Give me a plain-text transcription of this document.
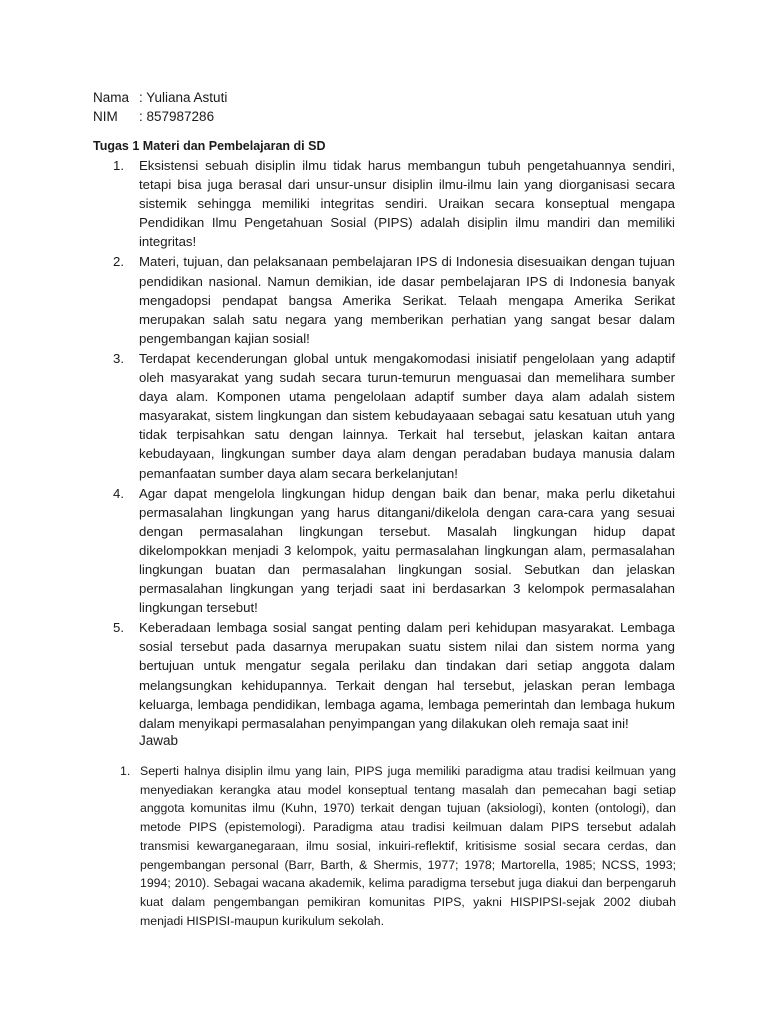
Nama : Yuliana Astuti
NIM : 857987286
Tugas 1 Materi dan Pembelajaran di SD
1. Eksistensi sebuah disiplin ilmu tidak harus membangun tubuh pengetahuannya sendiri, tetapi bisa juga berasal dari unsur-unsur disiplin ilmu-ilmu lain yang diorganisasi secara sistemik sehingga memiliki integritas sendiri. Uraikan secara konseptual mengapa Pendidikan Ilmu Pengetahuan Sosial (PIPS) adalah disiplin ilmu mandiri dan memiliki integritas!
2. Materi, tujuan, dan pelaksanaan pembelajaran IPS di Indonesia disesuaikan dengan tujuan pendidikan nasional. Namun demikian, ide dasar pembelajaran IPS di Indonesia banyak mengadopsi pendapat bangsa Amerika Serikat. Telaah mengapa Amerika Serikat merupakan salah satu negara yang memberikan perhatian yang sangat besar dalam pengembangan kajian sosial!
3. Terdapat kecenderungan global untuk mengakomodasi inisiatif pengelolaan yang adaptif oleh masyarakat yang sudah secara turun-temurun menguasai dan memelihara sumber daya alam. Komponen utama pengelolaan adaptif sumber daya alam adalah sistem masyarakat, sistem lingkungan dan sistem kebudayaaan sebagai satu kesatuan utuh yang tidak terpisahkan satu dengan lainnya. Terkait hal tersebut, jelaskan kaitan antara kebudayaan, lingkungan sumber daya alam dengan peradaban budaya manusia dalam pemanfaatan sumber daya alam secara berkelanjutan!
4. Agar dapat mengelola lingkungan hidup dengan baik dan benar, maka perlu diketahui permasalahan lingkungan yang harus ditangani/dikelola dengan cara-cara yang sesuai dengan permasalahan lingkungan tersebut. Masalah lingkungan hidup dapat dikelompokkan menjadi 3 kelompok, yaitu permasalahan lingkungan alam, permasalahan lingkungan buatan dan permasalahan lingkungan sosial. Sebutkan dan jelaskan permasalahan lingkungan yang terjadi saat ini berdasarkan 3 kelompok permasalahan lingkungan tersebut!
5. Keberadaan lembaga sosial sangat penting dalam peri kehidupan masyarakat. Lembaga sosial tersebut pada dasarnya merupakan suatu sistem nilai dan sistem norma yang bertujuan untuk mengatur segala perilaku dan tindakan dari setiap anggota dalam melangsungkan kehidupannya. Terkait dengan hal tersebut, jelaskan peran lembaga keluarga, lembaga pendidikan, lembaga agama, lembaga pemerintah dan lembaga hukum dalam menyikapi permasalahan penyimpangan yang dilakukan oleh remaja saat ini!
Jawab
1. Seperti halnya disiplin ilmu yang lain, PIPS juga memiliki paradigma atau tradisi keilmuan yang menyediakan kerangka atau model konseptual tentang masalah dan pemecahan bagi setiap anggota komunitas ilmu (Kuhn, 1970) terkait dengan tujuan (aksiologi), konten (ontologi), dan metode PIPS (epistemologi). Paradigma atau tradisi keilmuan dalam PIPS tersebut adalah transmisi kewarganegaraan, ilmu sosial, inkuiri-reflektif, kritisisme sosial secara cerdas, dan pengembangan personal (Barr, Barth, & Shermis, 1977; 1978; Martorella, 1985; NCSS, 1993; 1994; 2010). Sebagai wacana akademik, kelima paradigma tersebut juga diakui dan berpengaruh kuat dalam pengembangan pemikiran komunitas PIPS, yakni HISPIPSI-sejak 2002 diubah menjadi HISPISI-maupun kurikulum sekolah.
